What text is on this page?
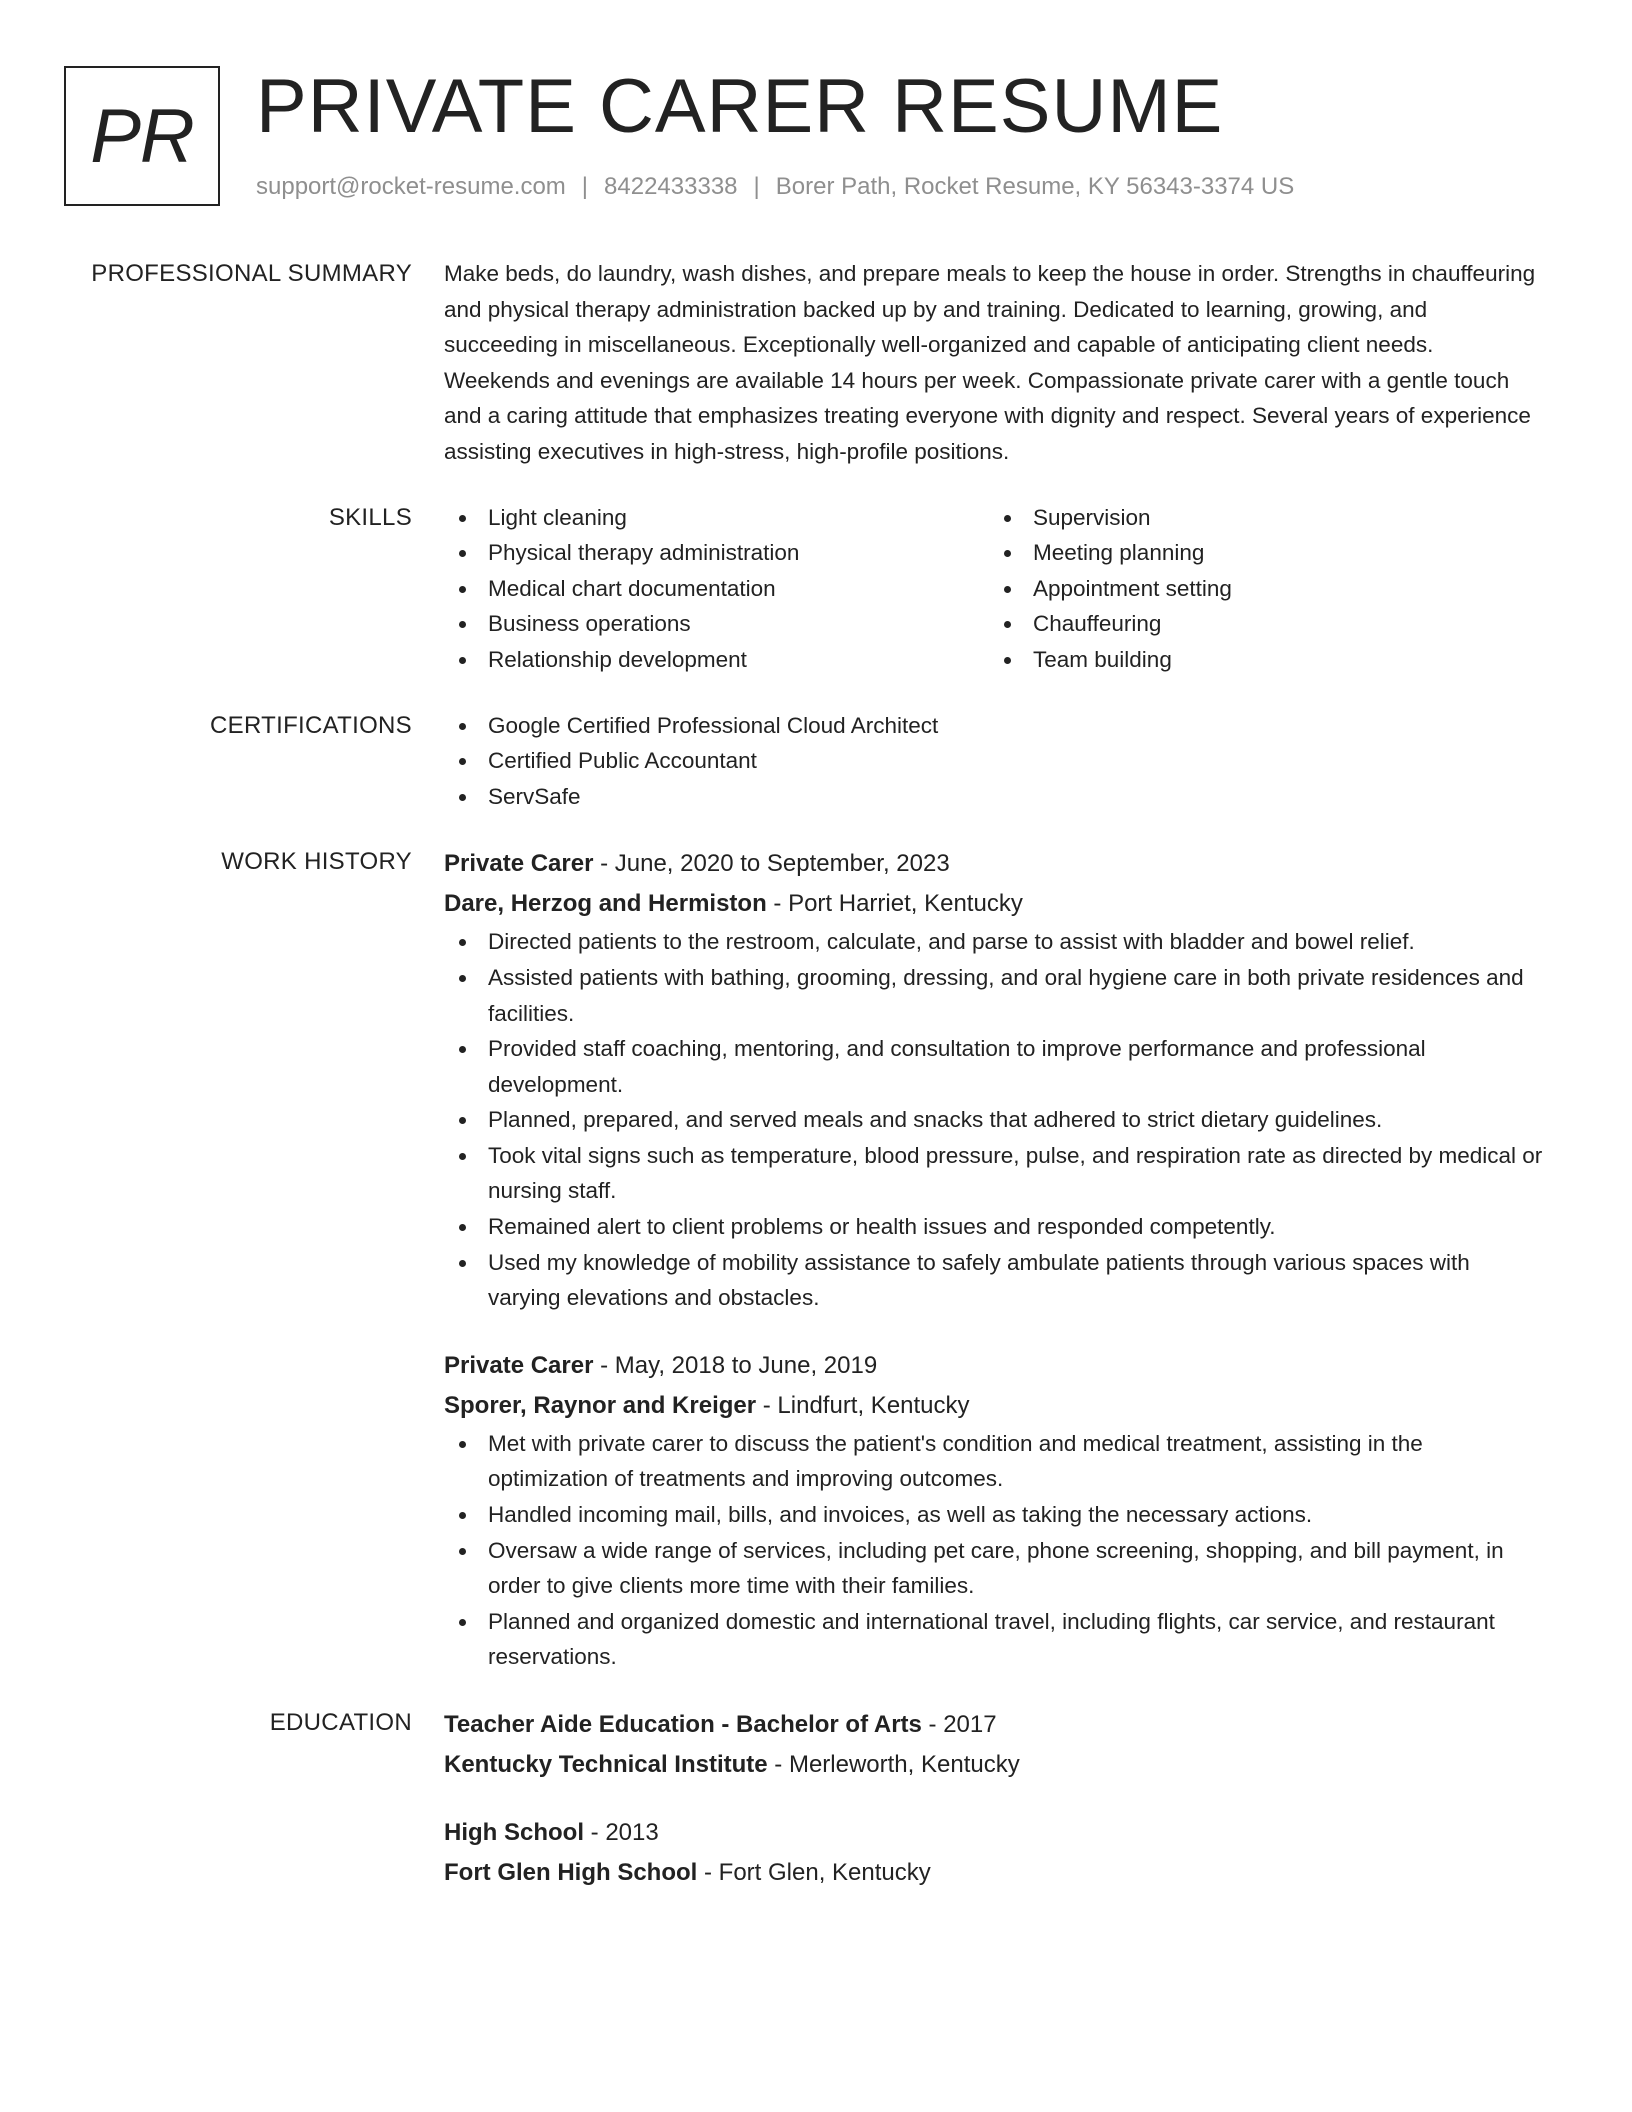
PR PRIVATE CARER RESUME
support@rocket-resume.com | 8422433338 | Borer Path, Rocket Resume, KY 56343-3374 US
PROFESSIONAL SUMMARY Make beds, do laundry, wash dishes, and prepare meals to keep the house in order. Strengths in chauffeuring and physical therapy administration backed up by and training. Dedicated to learning, growing, and succeeding in miscellaneous. Exceptionally well-organized and capable of anticipating client needs. Weekends and evenings are available 14 hours per week. Compassionate private carer with a gentle touch and a caring attitude that emphasizes treating everyone with dignity and respect. Several years of experience assisting executives in high-stress, high-profile positions.

SKILLS	Light cleaning
Physical therapy administration
Medical chart documentation
Business operations
Relationship development
Supervision
Meeting planning
Appointment setting
Chauffeuring
Team building
CERTIFICATIONS	Google Certified Professional Cloud Architect
Certified Public Accountant
ServSafe
WORK HISTORY Private Carer - June, 2020 to September, 2023
Dare, Herzog and Hermiston - Port Harriet, Kentucky
Directed patients to the restroom, calculate, and parse to assist with bladder and bowel relief.
Assisted patients with bathing, grooming, dressing, and oral hygiene care in both private residences and facilities.
Provided staff coaching, mentoring, and consultation to improve performance and professional development.
Planned, prepared, and served meals and snacks that adhered to strict dietary guidelines.
Took vital signs such as temperature, blood pressure, pulse, and respiration rate as directed by medical or nursing staff.
Remained alert to client problems or health issues and responded competently.
Used my knowledge of mobility assistance to safely ambulate patients through various spaces with varying elevations and obstacles.
Private Carer - May, 2018 to June, 2019
Sporer, Raynor and Kreiger - Lindfurt, Kentucky
Met with private carer to discuss the patient's condition and medical treatment, assisting in the optimization of treatments and improving outcomes.
Handled incoming mail, bills, and invoices, as well as taking the necessary actions.
Oversaw a wide range of services, including pet care, phone screening, shopping, and bill payment, in order to give clients more time with their families.
Planned and organized domestic and international travel, including flights, car service, and restaurant reservations.
EDUCATION Teacher Aide Education - Bachelor of Arts - 2017
Kentucky Technical Institute - Merleworth, Kentucky
High School - 2013
Fort Glen High School - Fort Glen, Kentucky
